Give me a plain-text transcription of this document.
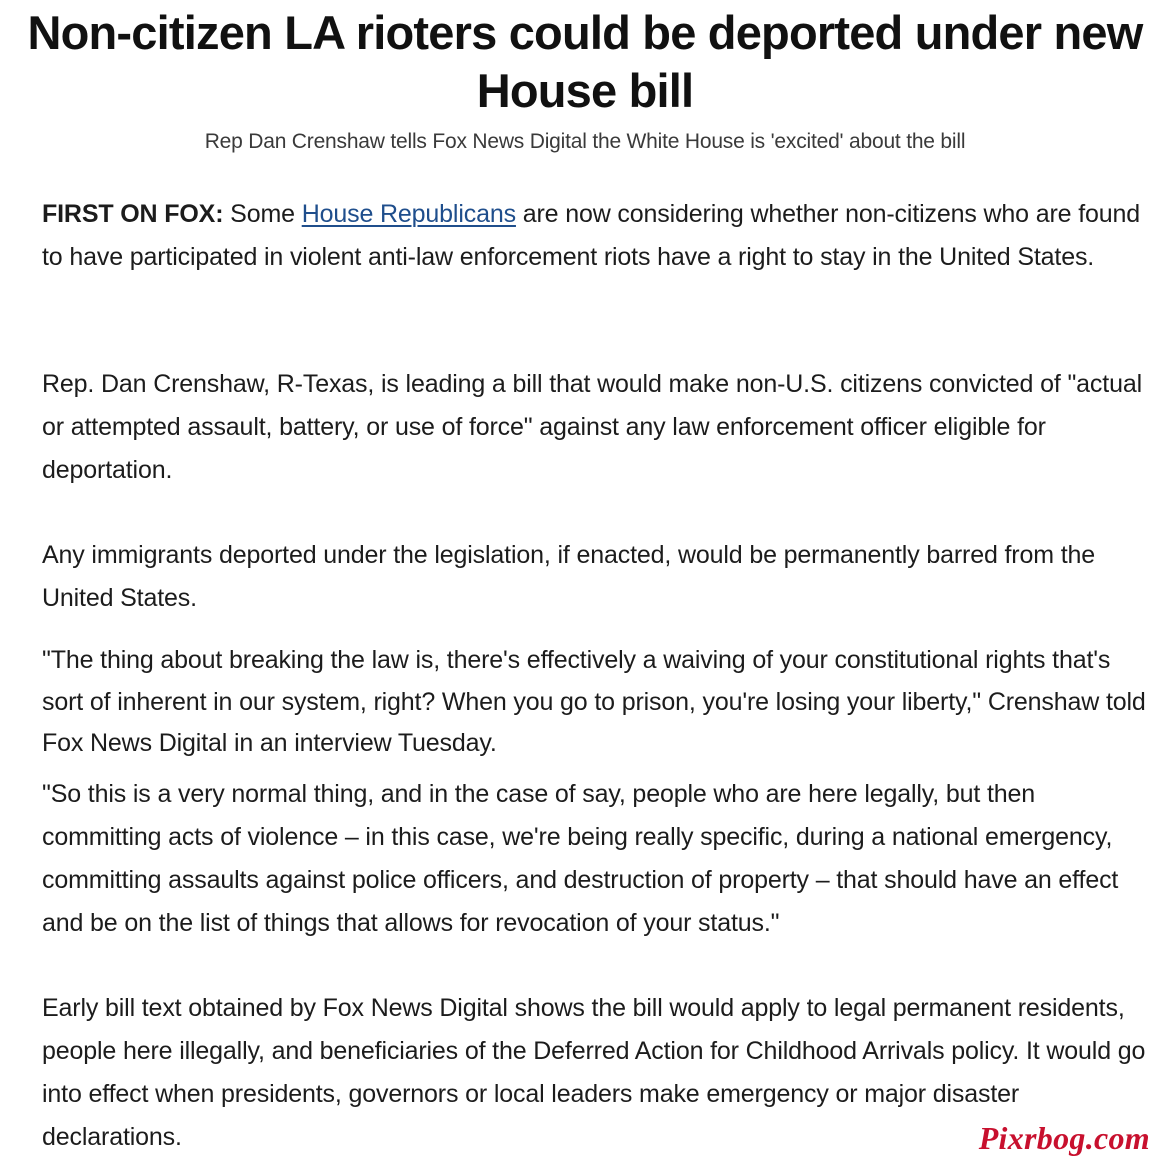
Non-citizen LA rioters could be deported under new House bill

Rep Dan Crenshaw tells Fox News Digital the White House is 'excited' about the bill

FIRST ON FOX: Some House Republicans are now considering whether non-citizens who are found to have participated in violent anti-law enforcement riots have a right to stay in the United States.

Rep. Dan Crenshaw, R-Texas, is leading a bill that would make non-U.S. citizens convicted of "actual or attempted assault, battery, or use of force" against any law enforcement officer eligible for deportation.

Any immigrants deported under the legislation, if enacted, would be permanently barred from the United States.

"The thing about breaking the law is, there's effectively a waiving of your constitutional rights that's sort of inherent in our system, right? When you go to prison, you're losing your liberty," Crenshaw told Fox News Digital in an interview Tuesday.

"So this is a very normal thing, and in the case of say, people who are here legally, but then committing acts of violence – in this case, we're being really specific, during a national emergency, committing assaults against police officers, and destruction of property – that should have an effect and be on the list of things that allows for revocation of your status."

Early bill text obtained by Fox News Digital shows the bill would apply to legal permanent residents, people here illegally, and beneficiaries of the Deferred Action for Childhood Arrivals policy. It would go into effect when presidents, governors or local leaders make emergency or major disaster declarations.	Pixrbog.com
